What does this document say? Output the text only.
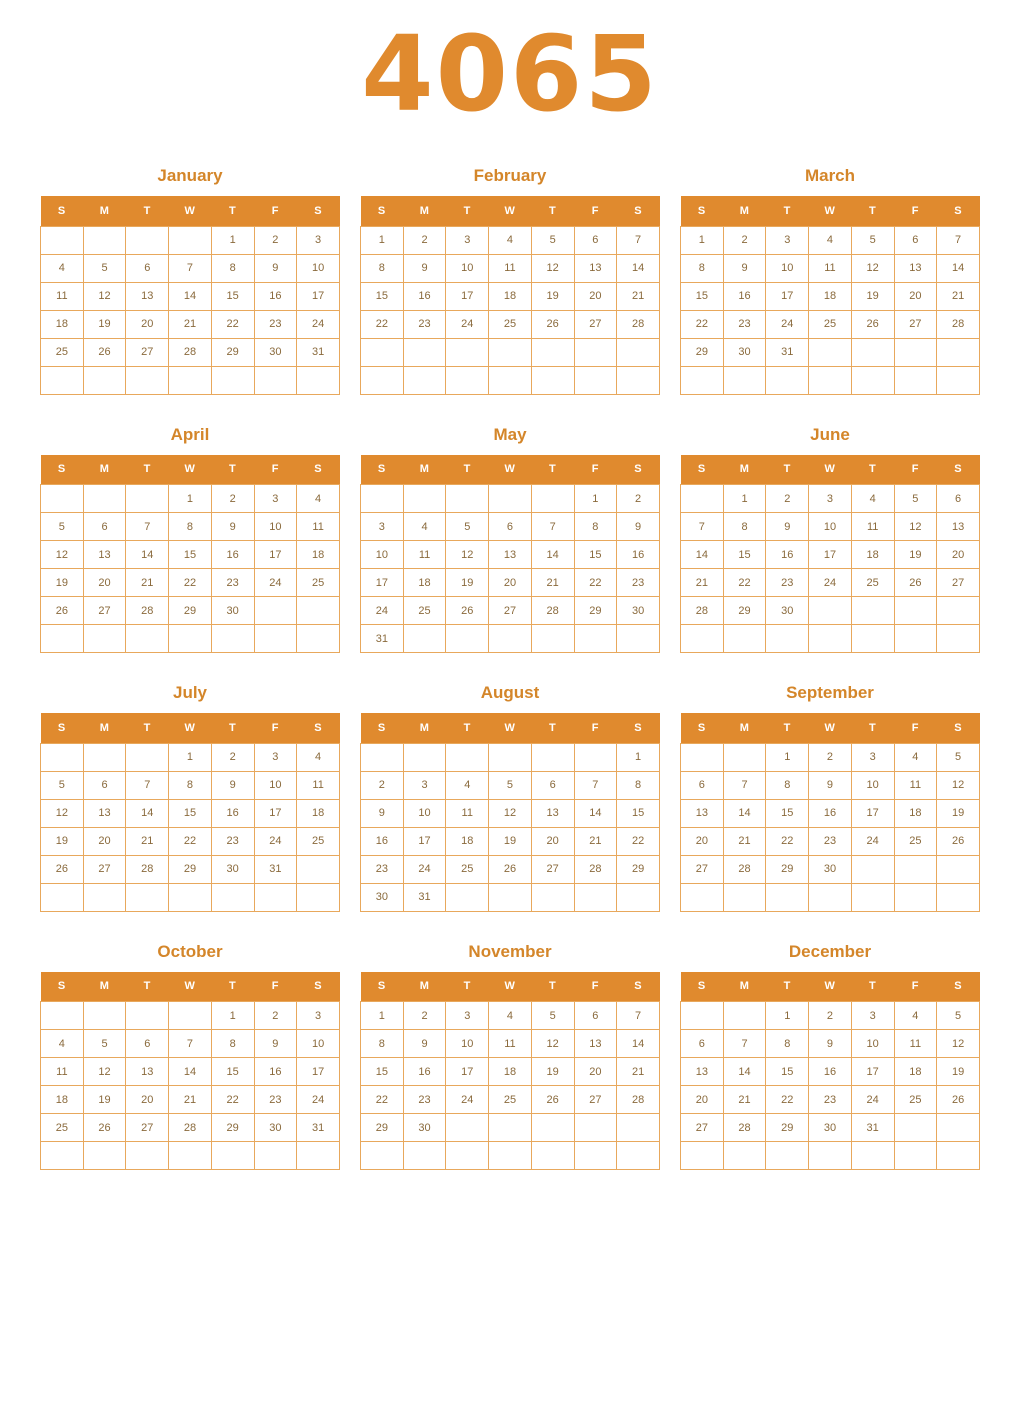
4065
January
S	M	T	W	T	F	S
				1	2	3
4	5	6	7	8	9	10
11	12	13	14	15	16	17
18	19	20	21	22	23	24
25	26	27	28	29	30	31

February
S	M	T	W	T	F	S
1	2	3	4	5	6	7
8	9	10	11	12	13	14
15	16	17	18	19	20	21
22	23	24	25	26	27	28

March
S	M	T	W	T	F	S
1	2	3	4	5	6	7
8	9	10	11	12	13	14
15	16	17	18	19	20	21
22	23	24	25	26	27	28
29	30	31				

April
S	M	T	W	T	F	S
			1	2	3	4
5	6	7	8	9	10	11
12	13	14	15	16	17	18
19	20	21	22	23	24	25
26	27	28	29	30		

May
S	M	T	W	T	F	S
					1	2
3	4	5	6	7	8	9
10	11	12	13	14	15	16
17	18	19	20	21	22	23
24	25	26	27	28	29	30
31						
June
S	M	T	W	T	F	S
	1	2	3	4	5	6
7	8	9	10	11	12	13
14	15	16	17	18	19	20
21	22	23	24	25	26	27
28	29	30				

July
S	M	T	W	T	F	S
			1	2	3	4
5	6	7	8	9	10	11
12	13	14	15	16	17	18
19	20	21	22	23	24	25
26	27	28	29	30	31	

August
S	M	T	W	T	F	S
						1
2	3	4	5	6	7	8
9	10	11	12	13	14	15
16	17	18	19	20	21	22
23	24	25	26	27	28	29
30	31					
September
S	M	T	W	T	F	S
		1	2	3	4	5
6	7	8	9	10	11	12
13	14	15	16	17	18	19
20	21	22	23	24	25	26
27	28	29	30			

October
S	M	T	W	T	F	S
				1	2	3
4	5	6	7	8	9	10
11	12	13	14	15	16	17
18	19	20	21	22	23	24
25	26	27	28	29	30	31

November
S	M	T	W	T	F	S
1	2	3	4	5	6	7
8	9	10	11	12	13	14
15	16	17	18	19	20	21
22	23	24	25	26	27	28
29	30					

December
S	M	T	W	T	F	S
		1	2	3	4	5
6	7	8	9	10	11	12
13	14	15	16	17	18	19
20	21	22	23	24	25	26
27	28	29	30	31		
